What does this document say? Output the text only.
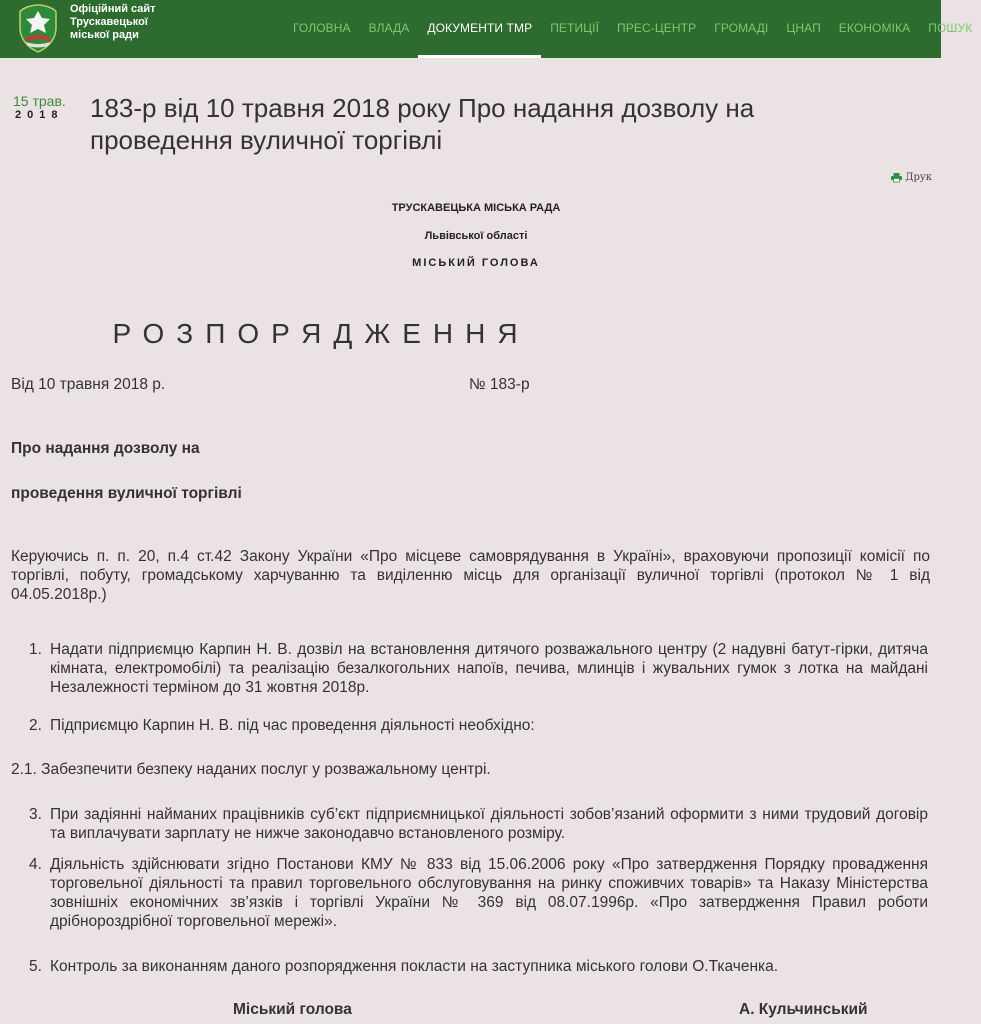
Офіційний сайт
Трускавецької
міської ради	ГОЛОВНА	ВЛАДА	ДОКУМЕНТИ ТМР	ПЕТИЦІЇ	ПРЕС-ЦЕНТР	ГРОМАДІ	ЦНАП	ЕКОНОМІКА	ПОШУК
15 трав.
2018	183-р від 10 травня 2018 року Про надання дозволу на проведення вуличної торгівлі
Друк
ТРУСКАВЕЦЬКА МІСЬКА РАДА
Львівської області
МІСЬКИЙ ГОЛОВА
РОЗПОРЯДЖЕННЯ

Від 10 травня 2018 р.	№ 183-р

Про надання дозволу на

проведення вуличної торгівлі

Керуючись п. п. 20, п.4 ст.42 Закону України «Про місцеве самоврядування в Україні», враховуючи пропозиції комісії по торгівлі, побуту, громадському харчуванню та виділенню місць для організації вуличної торгівлі (протокол № 1 від 04.05.2018р.)

1. Надати підприємцю Карпин Н. В. дозвіл на встановлення дитячого розважального центру (2 надувні батут-гірки, дитяча кімната, електромобілі) та реалізацію безалкогольних напоїв, печива, млинців і жувальних гумок з лотка на майдані Незалежності терміном до 31 жовтня 2018р.
2. Підприємцю Карпин Н. В. під час проведення діяльності необхідно:

2.1. Забезпечити безпеку наданих послуг у розважальному центрі.

3. При задіянні найманих працівників суб’єкт підприємницької діяльності зобов’язаний оформити з ними трудовий договір та виплачувати зарплату не нижче законодавчо встановленого розміру.
4. Діяльність здійснювати згідно Постанови КМУ № 833 від 15.06.2006 року «Про затвердження Порядку провадження торговельної діяльності та правил торговельного обслуговування на ринку споживчих товарів» та Наказу Міністерства зовнішніх економічних зв’язків і торгівлі України № 369 від 08.07.1996р. «Про затвердження Правил роботи дрібнороздрібної торговельної мережі».
5. Контроль за виконанням даного розпорядження покласти на заступника міського голови О.Ткаченка.

Міський голова	А. Кульчинський
